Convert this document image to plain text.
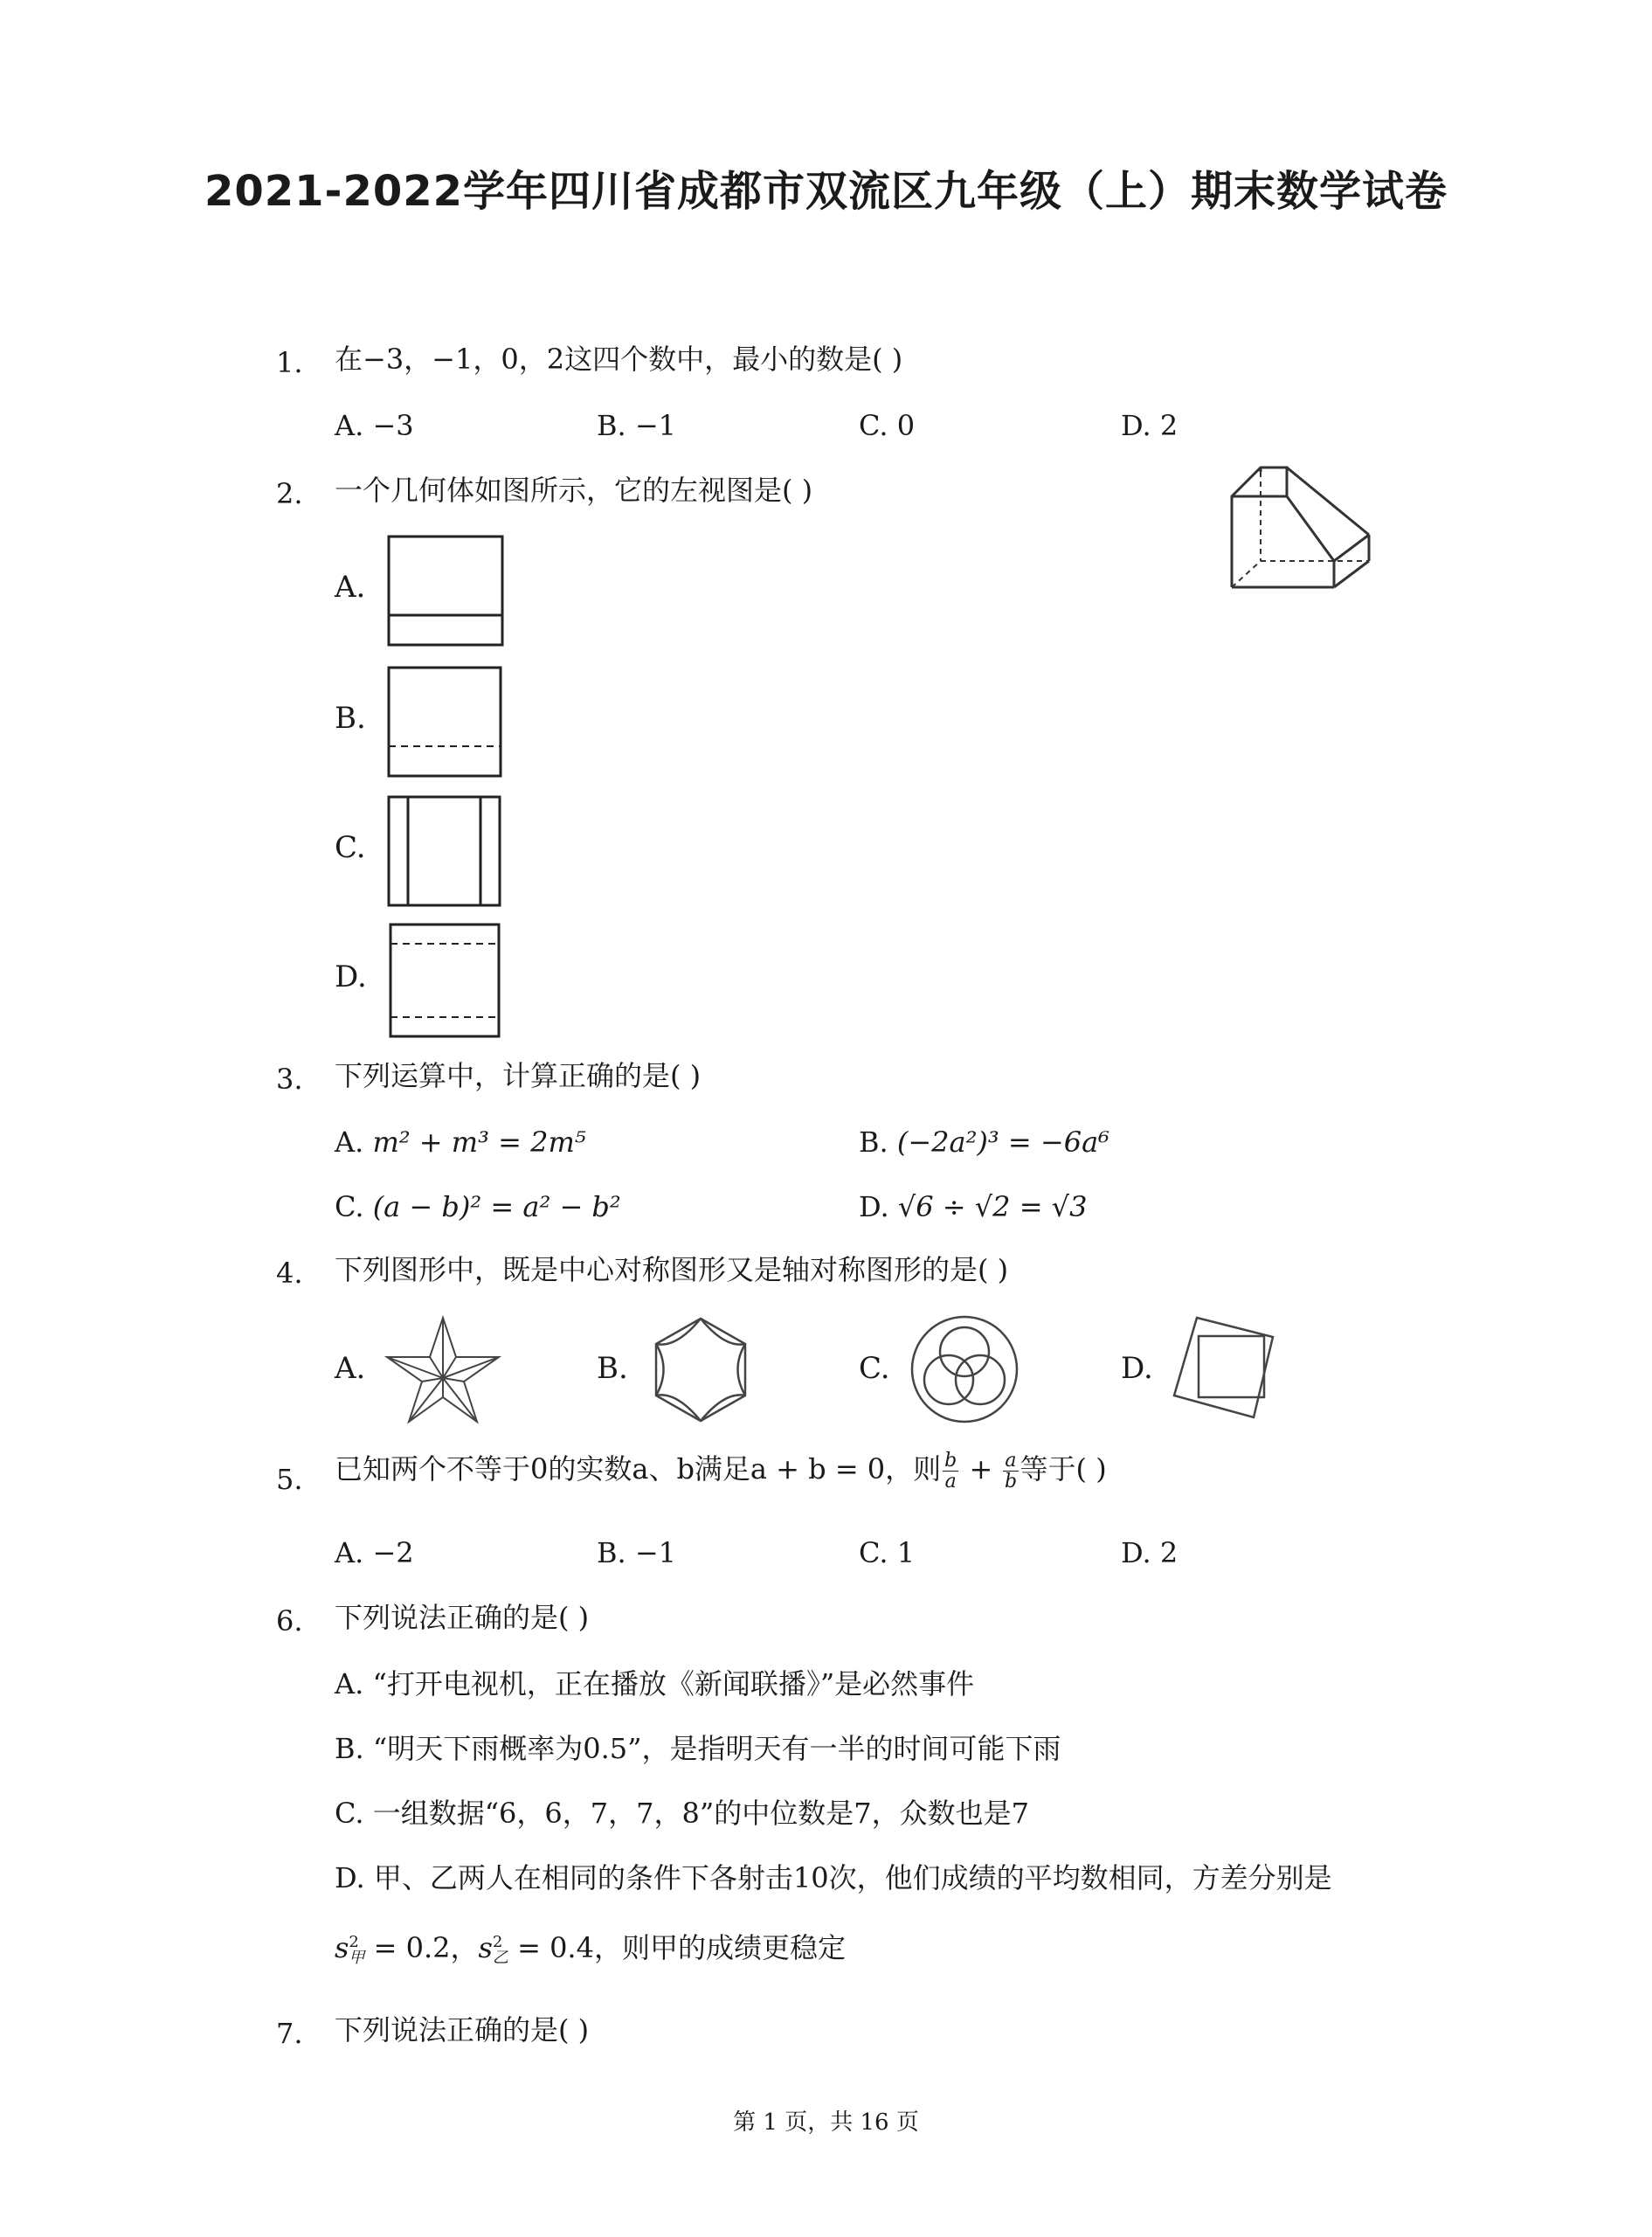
2021-2022学年四川省成都市双流区九年级（上）期末数学试卷
1. 在−3，−1，0，2这四个数中，最小的数是( )
A. −3	B. −1	C. 0	D. 2
2. 一个几何体如图所示，它的左视图是( )
A.
B.
C.
D.
3. 下列运算中，计算正确的是( )
A. m² + m³ = 2m⁵	B. (−2a²)³ = −6a⁶
C. (a − b)² = a² − b²	D. √6 ÷ √2 = √3
4. 下列图形中，既是中心对称图形又是轴对称图形的是( )
A.	B.	C.	D.
5. 已知两个不等于0的实数a、b满足a + b = 0，则 $\frac{b}{a} + \frac{a}{b}$ 等于( )
A. −2	B. −1	C. 1	D. 2
6. 下列说法正确的是( )
A. “打开电视机，正在播放《新闻联播》”是必然事件
B. “明天下雨概率为0.5”，是指明天有一半的时间可能下雨
C. 一组数据“6，6，7，7，8”的中位数是7，众数也是7
D. 甲、乙两人在相同的条件下各射击10次，他们成绩的平均数相同，方差分别是
s 2
甲 = 0.2，s 2
乙 = 0.4，则甲的成绩更稳定
7. 下列说法正确的是( )
第 1 页，共 16 页
